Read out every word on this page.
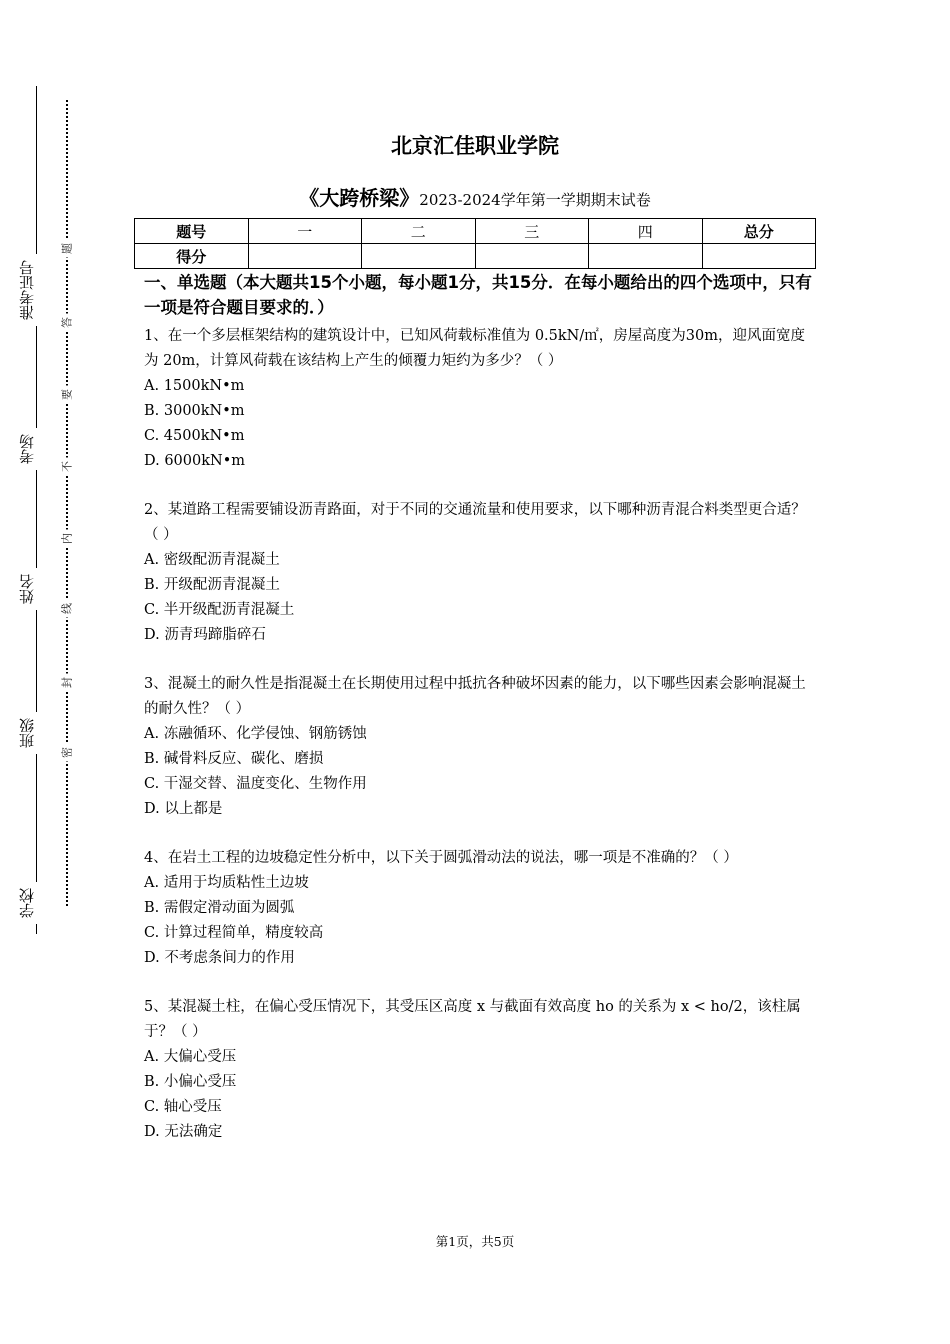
准考证号
考场
姓名
班级
学校
题
答
要
不
内
线
封
密
北京汇佳职业学院
《大跨桥梁》2023-2024学年第一学期期末试卷
题号	一	二	三	四	总分
得分					
一、单选题（本大题共15个小题，每小题1分，共15分．在每小题给出的四个选项中，只有一项是符合题目要求的．）
1、在一个多层框架结构的建筑设计中，已知风荷载标准值为 0.5kN/㎡，房屋高度为30m，迎风面宽度为 20m，计算风荷载在该结构上产生的倾覆力矩约为多少？（ ）
A. 1500kN•m
B. 3000kN•m
C. 4500kN•m
D. 6000kN•m
2、某道路工程需要铺设沥青路面，对于不同的交通流量和使用要求，以下哪种沥青混合料类型更合适？（ ）
A. 密级配沥青混凝土
B. 开级配沥青混凝土
C. 半开级配沥青混凝土
D. 沥青玛蹄脂碎石
3、混凝土的耐久性是指混凝土在长期使用过程中抵抗各种破坏因素的能力，以下哪些因素会影响混凝土的耐久性？（ ）
A. 冻融循环、化学侵蚀、钢筋锈蚀
B. 碱骨料反应、碳化、磨损
C. 干湿交替、温度变化、生物作用
D. 以上都是
4、在岩土工程的边坡稳定性分析中，以下关于圆弧滑动法的说法，哪一项是不准确的？（ ）
A. 适用于均质粘性土边坡
B. 需假定滑动面为圆弧
C. 计算过程简单，精度较高
D. 不考虑条间力的作用
5、某混凝土柱，在偏心受压情况下，其受压区高度 x 与截面有效高度 ho 的关系为 x < ho/2，该柱属于？（ ）
A. 大偏心受压
B. 小偏心受压
C. 轴心受压
D. 无法确定
第1页，共5页
